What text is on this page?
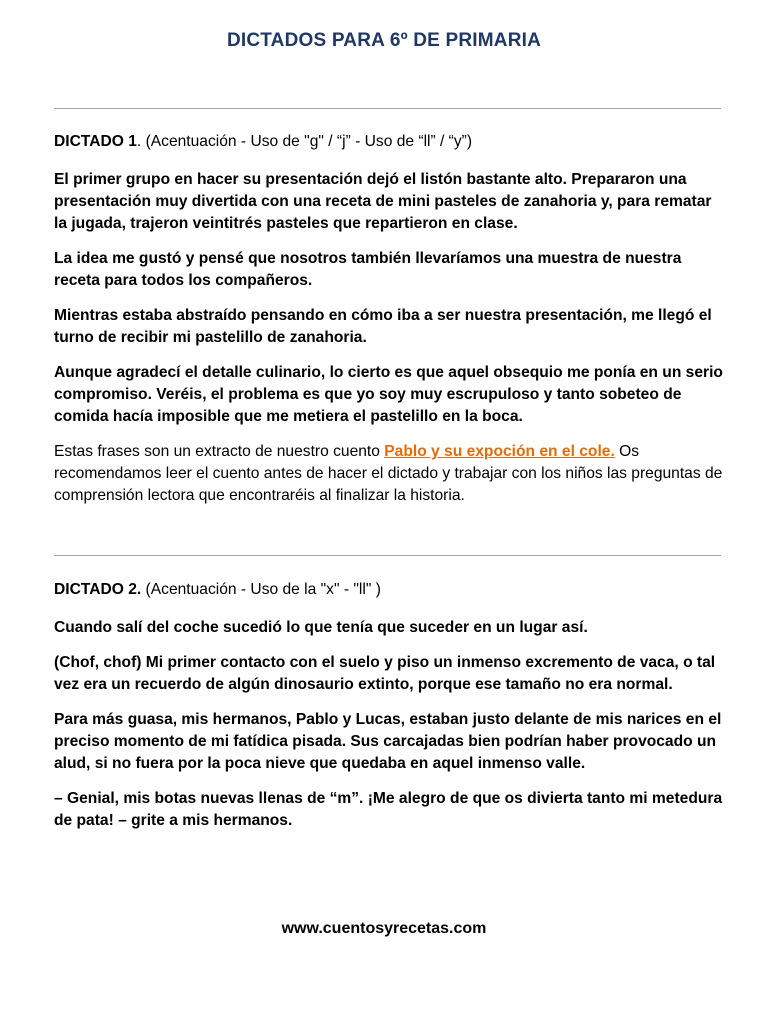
DICTADOS PARA 6º DE PRIMARIA

DICTADO 1. (Acentuación - Uso de "g" / “j” - Uso de “ll” / “y”)

El primer grupo en hacer su presentación dejó el listón bastante alto. Prepararon una presentación muy divertida con una receta de mini pasteles de zanahoria y, para rematar la jugada, trajeron veintitrés pasteles que repartieron en clase.

La idea me gustó y pensé que nosotros también llevaríamos una muestra de nuestra receta para todos los compañeros.

Mientras estaba abstraído pensando en cómo iba a ser nuestra presentación, me llegó el turno de recibir mi pastelillo de zanahoria.

Aunque agradecí el detalle culinario, lo cierto es que aquel obsequio me ponía en un serio compromiso. Veréis, el problema es que yo soy muy escrupuloso y tanto sobeteo de comida hacía imposible que me metiera el pastelillo en la boca.

Estas frases son un extracto de nuestro cuento Pablo y su expoción en el cole. Os recomendamos leer el cuento antes de hacer el dictado y trabajar con los niños las preguntas de comprensión lectora que encontraréis al finalizar la historia.

DICTADO 2. (Acentuación - Uso de la "x" - "ll" )

Cuando salí del coche sucedió lo que tenía que suceder en un lugar así.

(Chof, chof) Mi primer contacto con el suelo y piso un inmenso excremento de vaca, o tal vez era un recuerdo de algún dinosaurio extinto, porque ese tamaño no era normal.

Para más guasa, mis hermanos, Pablo y Lucas, estaban justo delante de mis narices en el preciso momento de mi fatídica pisada. Sus carcajadas bien podrían haber provocado un alud, si no fuera por la poca nieve que quedaba en aquel inmenso valle.

– Genial, mis botas nuevas llenas de “m”. ¡Me alegro de que os divierta tanto mi metedura de pata! – grite a mis hermanos.

www.cuentosyrecetas.com
